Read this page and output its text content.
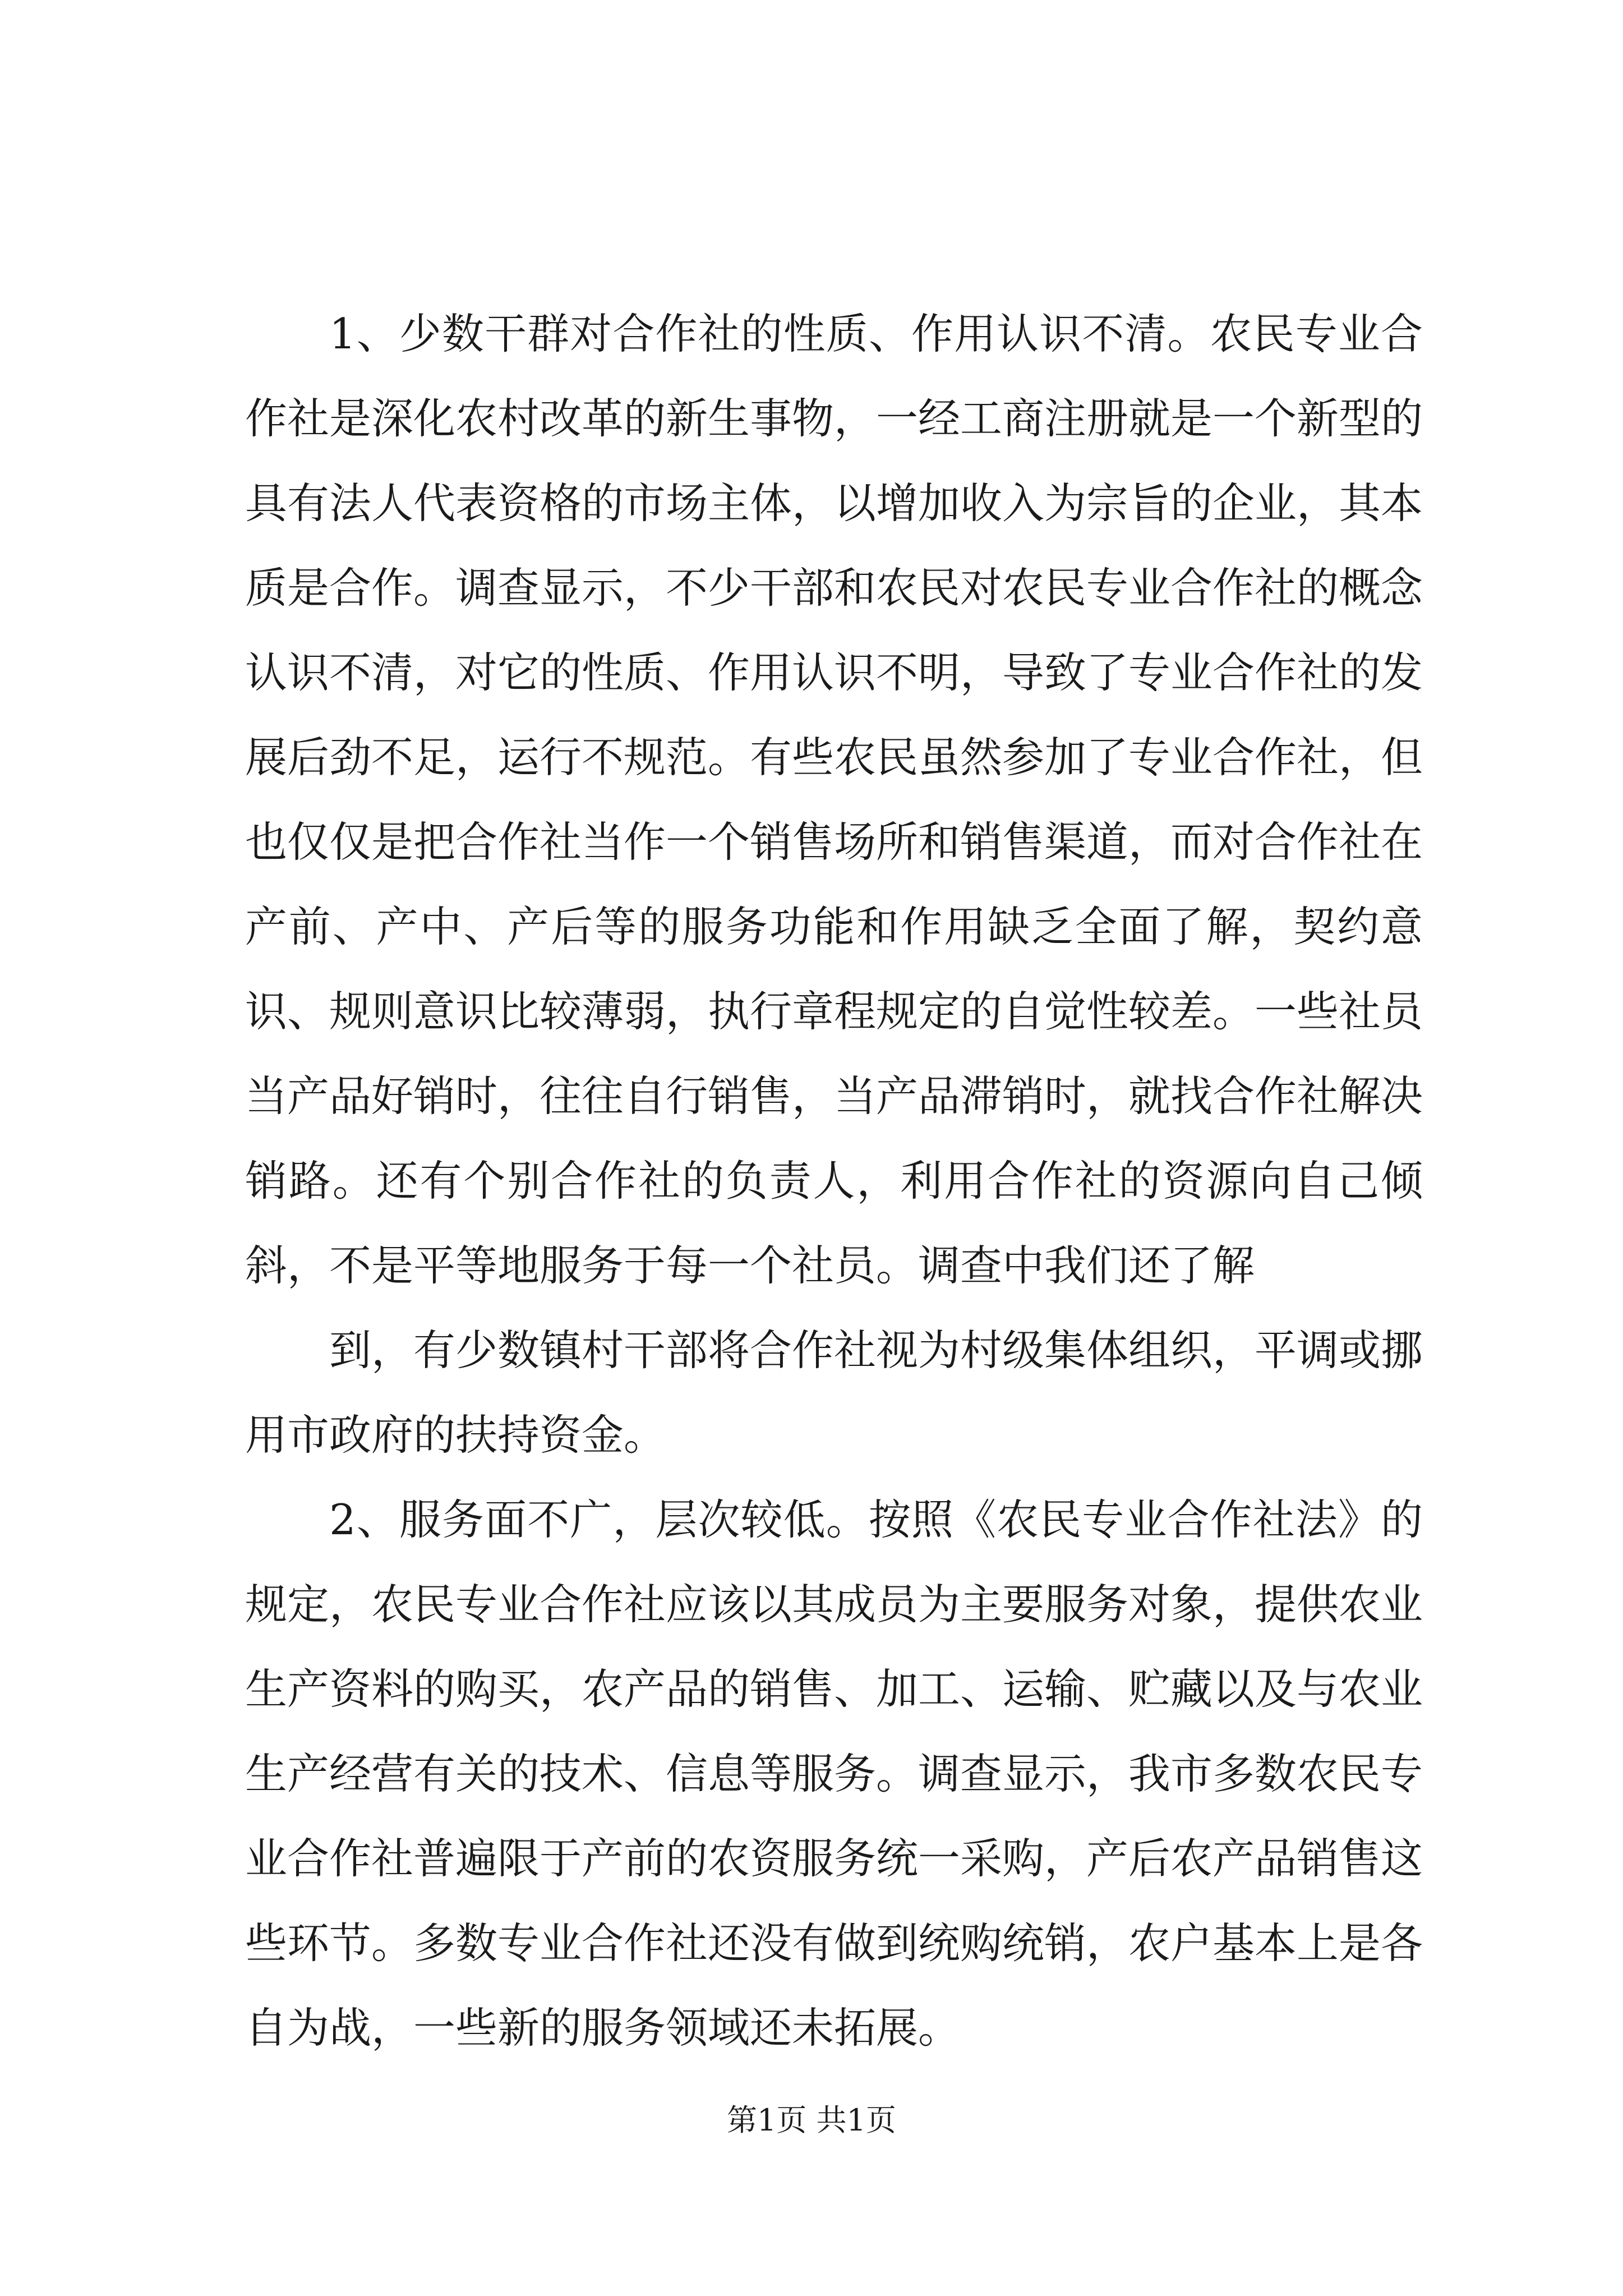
1、少数干群对合作社的性质、作用认识不清。农民专业合作社是深化农村改革的新生事物，一经工商注册就是一个新型的具有法人代表资格的市场主体，以增加收入为宗旨的企业，其本质是合作。调查显示，不少干部和农民对农民专业合作社的概念认识不清，对它的性质、作用认识不明，导致了专业合作社的发展后劲不足，运行不规范。有些农民虽然参加了专业合作社，但也仅仅是把合作社当作一个销售场所和销售渠道，而对合作社在产前、产中、产后等的服务功能和作用缺乏全面了解，契约意识、规则意识比较薄弱，执行章程规定的自觉性较差。一些社员当产品好销时，往往自行销售，当产品滞销时，就找合作社解决销路。还有个别合作社的负责人，利用合作社的资源向自己倾斜，不是平等地服务于每一个社员。调查中我们还了解

到，有少数镇村干部将合作社视为村级集体组织，平调或挪用市政府的扶持资金。

2、服务面不广，层次较低。按照《农民专业合作社法》的规定，农民专业合作社应该以其成员为主要服务对象，提供农业生产资料的购买，农产品的销售、加工、运输、贮藏以及与农业生产经营有关的技术、信息等服务。调查显示，我市多数农民专业合作社普遍限于产前的农资服务统一采购，产后农产品销售这些环节。多数专业合作社还没有做到统购统销，农户基本上是各自为战，一些新的服务领域还未拓展。

第1页 共1页
